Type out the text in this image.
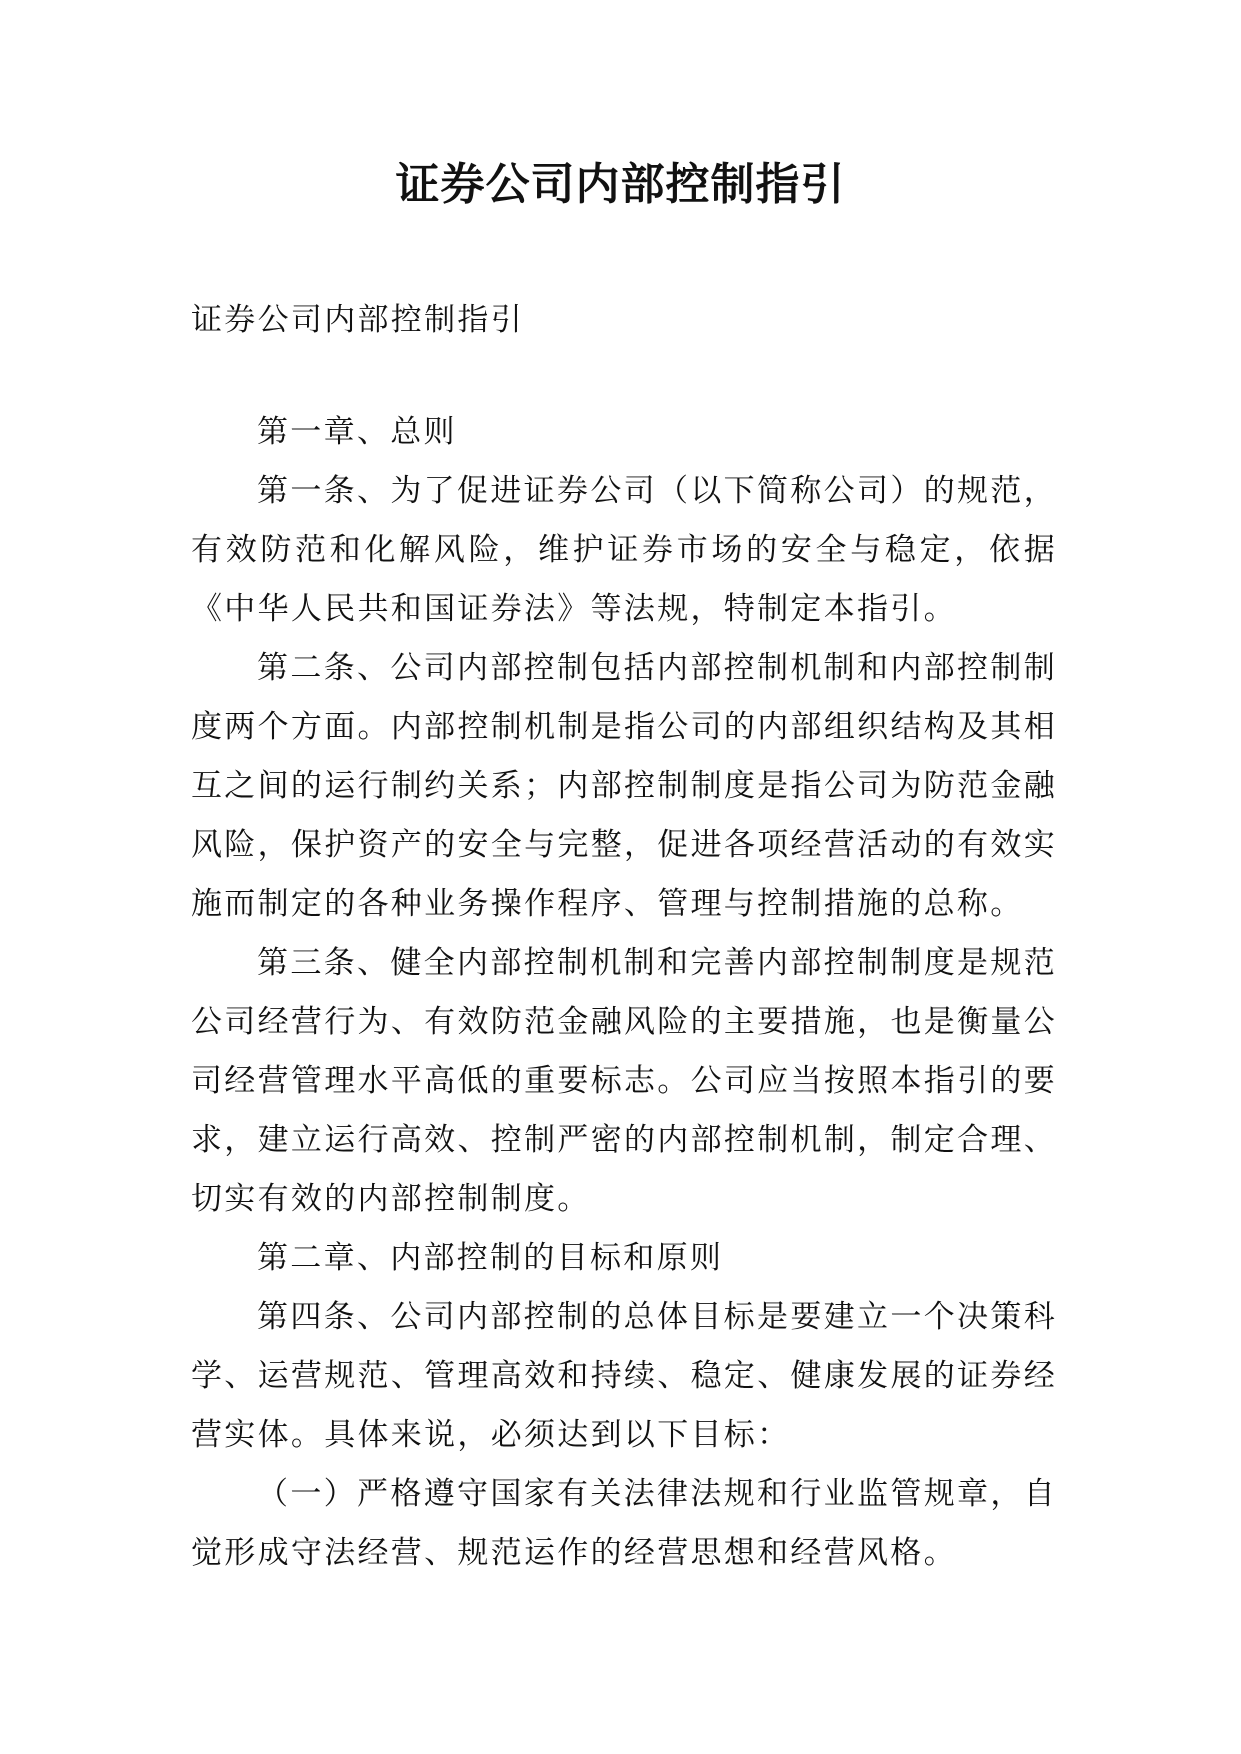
证券公司内部控制指引
证券公司内部控制指引
第一章、总则
第一条、为了促进证券公司（以下简称公司）的规范，
有效防范和化解风险，维护证券市场的安全与稳定，依据
《中华人民共和国证券法》等法规，特制定本指引。
第二条、公司内部控制包括内部控制机制和内部控制制
度两个方面。内部控制机制是指公司的内部组织结构及其相
互之间的运行制约关系；内部控制制度是指公司为防范金融
风险，保护资产的安全与完整，促进各项经营活动的有效实
施而制定的各种业务操作程序、管理与控制措施的总称。
第三条、健全内部控制机制和完善内部控制制度是规范
公司经营行为、有效防范金融风险的主要措施，也是衡量公
司经营管理水平高低的重要标志。公司应当按照本指引的要
求，建立运行高效、控制严密的内部控制机制，制定合理、
切实有效的内部控制制度。
第二章、内部控制的目标和原则
第四条、公司内部控制的总体目标是要建立一个决策科
学、运营规范、管理高效和持续、稳定、健康发展的证券经
营实体。具体来说，必须达到以下目标：
（一）严格遵守国家有关法律法规和行业监管规章，自
觉形成守法经营、规范运作的经营思想和经营风格。
